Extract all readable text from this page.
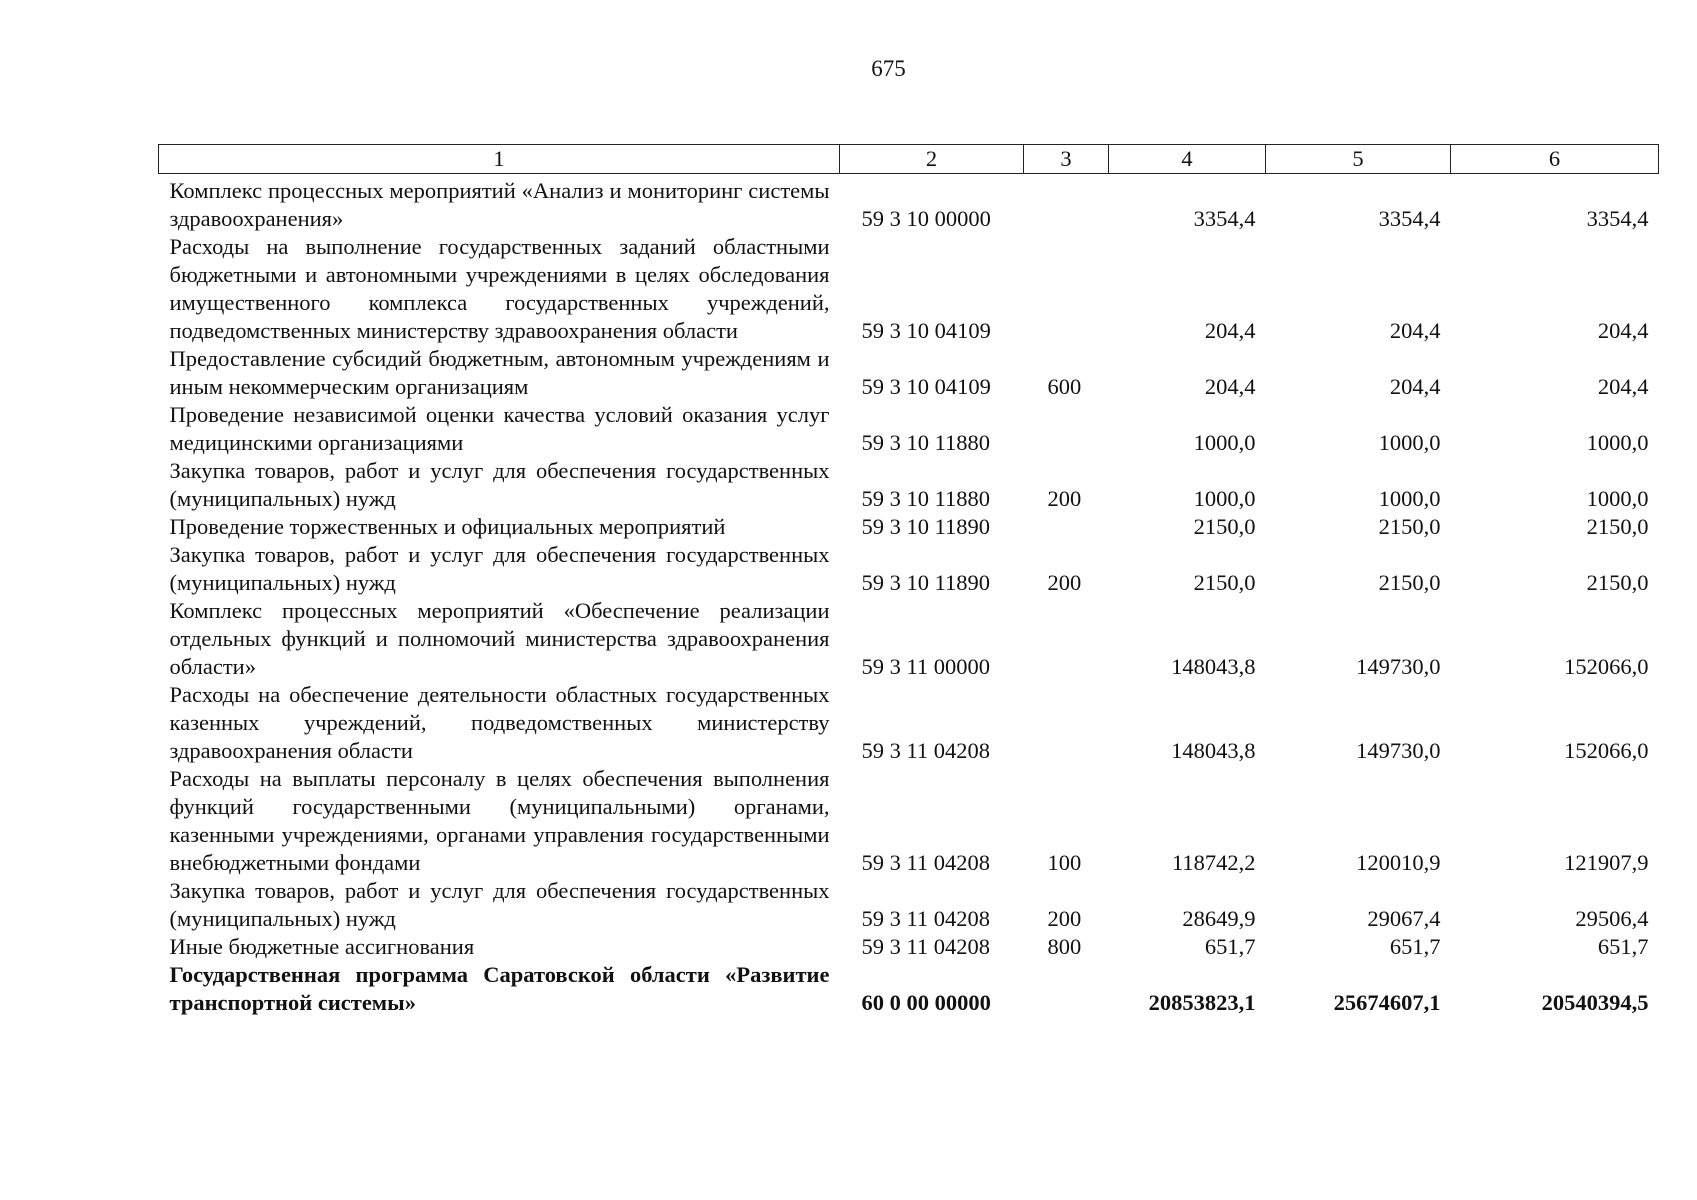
675
1	2	3	4	5	6
Комплекс процессных мероприятий «Анализ и мониторинг системы здравоохранения»	59 3 10 00000		3354,4	3354,4	3354,4
Расходы на выполнение государственных заданий областными бюджетными и автономными учреждениями в целях обследования имущественного комплекса государственных учреждений, подведомственных министерству здравоохранения области	59 3 10 04109		204,4	204,4	204,4
Предоставление субсидий бюджетным, автономным учреждениям и иным некоммерческим организациям	59 3 10 04109	600	204,4	204,4	204,4
Проведение независимой оценки качества условий оказания услуг медицинскими организациями	59 3 10 11880		1000,0	1000,0	1000,0
Закупка товаров, работ и услуг для обеспечения государственных (муниципальных) нужд	59 3 10 11880	200	1000,0	1000,0	1000,0
Проведение торжественных и официальных мероприятий	59 3 10 11890		2150,0	2150,0	2150,0
Закупка товаров, работ и услуг для обеспечения государственных (муниципальных) нужд	59 3 10 11890	200	2150,0	2150,0	2150,0
Комплекс процессных мероприятий «Обеспечение реализации отдельных функций и полномочий министерства здравоохранения области»	59 3 11 00000		148043,8	149730,0	152066,0
Расходы на обеспечение деятельности областных государственных казенных учреждений, подведомственных министерству здравоохранения области	59 3 11 04208		148043,8	149730,0	152066,0
Расходы на выплаты персоналу в целях обеспечения выполнения функций государственными (муниципальными) органами, казенными учреждениями, органами управления государственными внебюджетными фондами	59 3 11 04208	100	118742,2	120010,9	121907,9
Закупка товаров, работ и услуг для обеспечения государственных (муниципальных) нужд	59 3 11 04208	200	28649,9	29067,4	29506,4
Иные бюджетные ассигнования	59 3 11 04208	800	651,7	651,7	651,7
Государственная программа Саратовской области «Развитие транспортной системы»	60 0 00 00000		20853823,1	25674607,1	20540394,5
